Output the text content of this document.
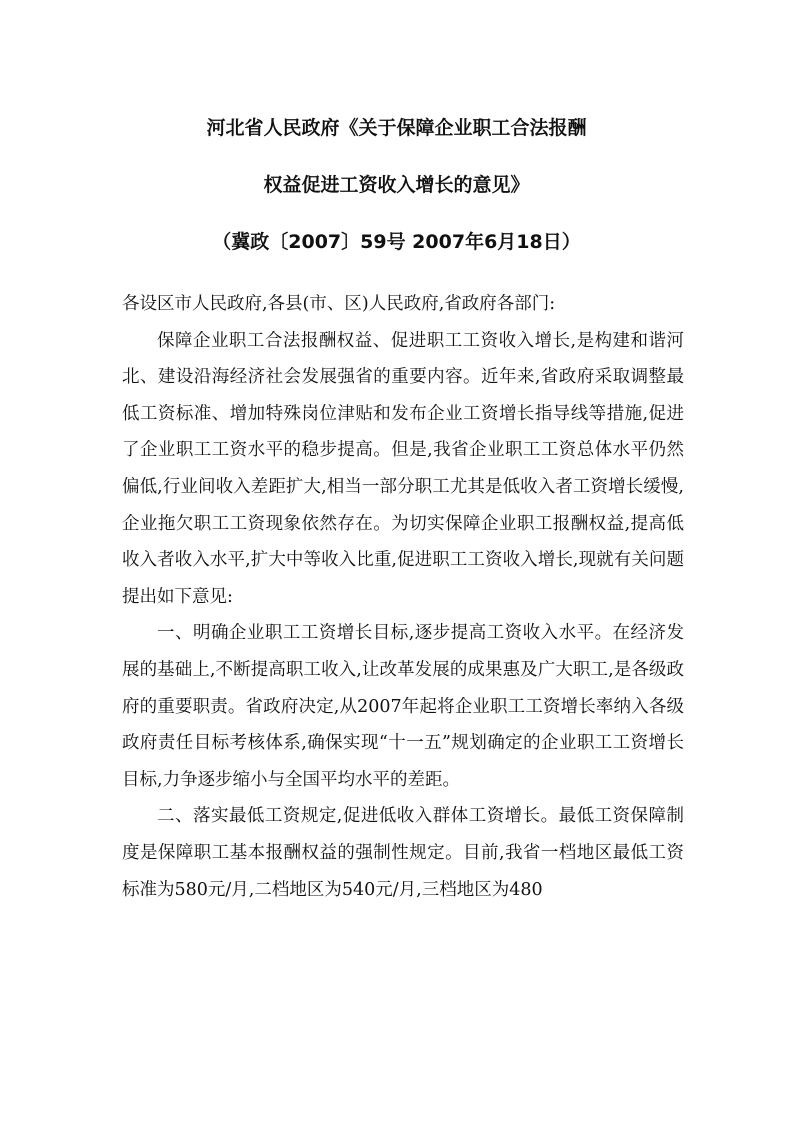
河北省人民政府《关于保障企业职工合法报酬
权益促进工资收入增长的意见》
（冀政〔2007〕59号 2007年6月18日）
各设区市人民政府,各县(市、区)人民政府,省政府各部门:

保障企业职工合法报酬权益、促进职工工资收入增长,是构建和谐河北、建设沿海经济社会发展强省的重要内容。近年来,省政府采取调整最低工资标准、增加特殊岗位津贴和发布企业工资增长指导线等措施,促进了企业职工工资水平的稳步提高。但是,我省企业职工工资总体水平仍然偏低,行业间收入差距扩大,相当一部分职工尤其是低收入者工资增长缓慢,企业拖欠职工工资现象依然存在。为切实保障企业职工报酬权益,提高低收入者收入水平,扩大中等收入比重,促进职工工资收入增长,现就有关问题提出如下意见:

一、明确企业职工工资增长目标,逐步提高工资收入水平。在经济发展的基础上,不断提高职工收入,让改革发展的成果惠及广大职工,是各级政府的重要职责。省政府决定,从2007年起将企业职工工资增长率纳入各级政府责任目标考核体系,确保实现“十一五”规划确定的企业职工工资增长目标,力争逐步缩小与全国平均水平的差距。

二、落实最低工资规定,促进低收入群体工资增长。最低工资保障制度是保障职工基本报酬权益的强制性规定。目前,我省一档地区最低工资标准为580元/月,二档地区为540元/月,三档地区为480
